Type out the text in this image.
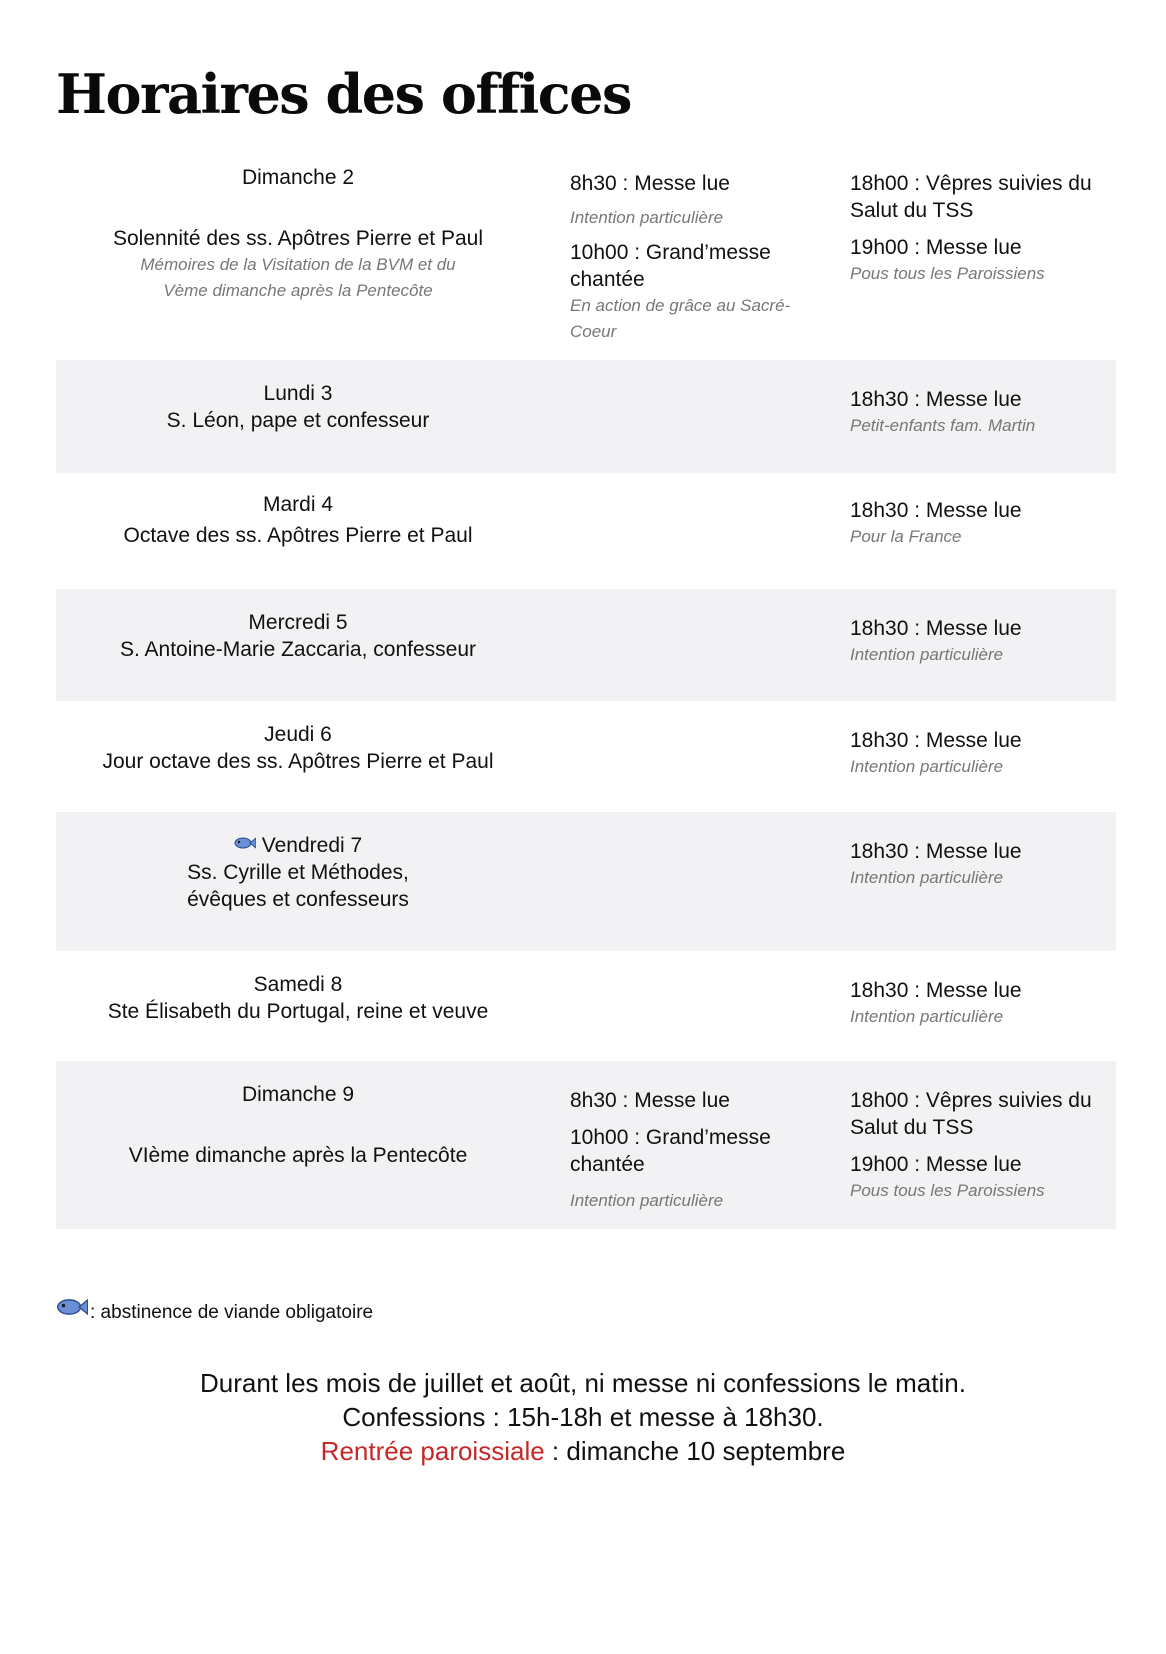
Horaires des offices
Dimanche 2
Solennité des ss. Apôtres Pierre et Paul
Mémoires de la Visitation de la BVM et du Vème dimanche après la Pentecôte
8h30 : Messe lue
Intention particulière
10h00 : Grand’messe chantée
En action de grâce au Sacré-Coeur
18h00 : Vêpres suivies du Salut du TSS
19h00 : Messe lue
Pous tous les Paroissiens
Lundi 3
S. Léon, pape et confesseur
18h30 : Messe lue
Petit-enfants fam. Martin
Mardi 4
Octave des ss. Apôtres Pierre et Paul
18h30 : Messe lue
Pour la France
Mercredi 5
S. Antoine-Marie Zaccaria, confesseur
18h30 : Messe lue
Intention particulière
Jeudi 6
Jour octave des ss. Apôtres Pierre et Paul
18h30 : Messe lue
Intention particulière
Vendredi 7
Ss. Cyrille et Méthodes,
évêques et confesseurs
18h30 : Messe lue
Intention particulière
Samedi 8
Ste Élisabeth du Portugal, reine et veuve
18h30 : Messe lue
Intention particulière
Dimanche 9
VIème dimanche après la Pentecôte
8h30 : Messe lue
10h00 : Grand’messe chantée
Intention particulière
18h00 : Vêpres suivies du Salut du TSS
19h00 : Messe lue
Pous tous les Paroissiens
: abstinence de viande obligatoire
Durant les mois de juillet et août, ni messe ni confessions le matin.
Confessions : 15h-18h et messe à 18h30.
Rentrée paroissiale : dimanche 10 septembre
